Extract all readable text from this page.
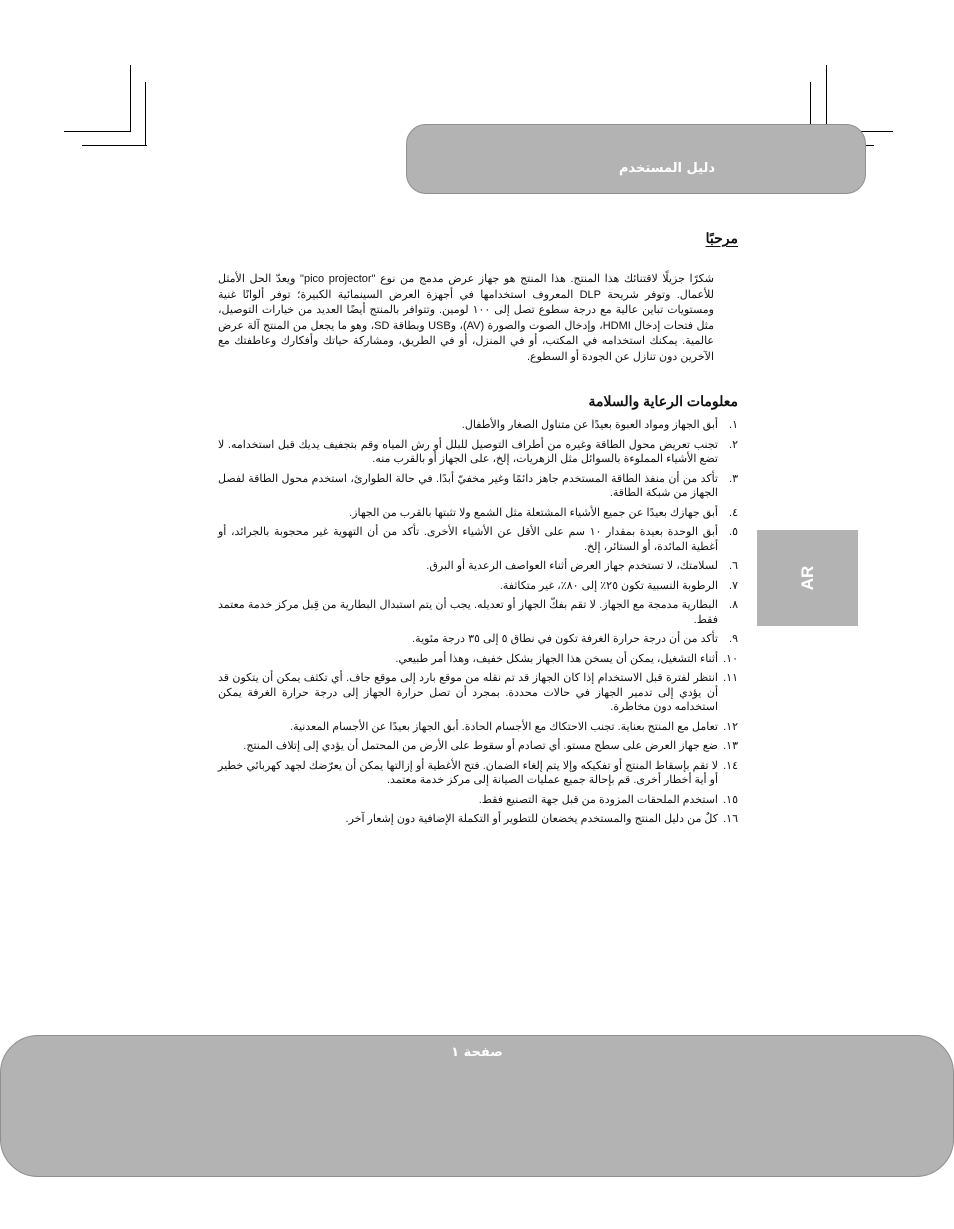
دليل المستخدم
AR
مرحبًا

شكرًا جزيلًا لاقتنائك هذا المنتج. هذا المنتج هو جهاز عرض مدمج من نوع "pico projector" ويعدّ الحل الأمثل للأعمال. وتوفر شريحة DLP المعروف استخدامها في أجهزة العرض السينمائية الكبيرة؛ توفر ألوانًا غنية ومستويات تباين عالية مع درجة سطوع تصل إلى ١٠٠ لومين. وتتوافر بالمنتج أيضًا العديد من خيارات التوصيل، مثل فتحات إدخال HDMI، وإدخال الصوت والصورة (AV)، وUSB وبطاقة SD، وهو ما يجعل من المنتج آلة عرض عالمية. يمكنك استخدامه في المكتب، أو في المنزل، أو في الطريق، ومشاركة حياتك وأفكارك وعاطفتك مع الآخرين دون تنازل عن الجودة أو السطوع.

معلومات الرعاية والسلامة
١.
أبق الجهاز ومواد العبوة بعيدًا عن متناول الصغار والأطفال.
٢.
تجنب تعريض محول الطاقة وغيره من أطراف التوصيل للبلل أو رش المياه وقم بتجفيف يديك قبل استخدامه. لا تضع الأشياء المملوءة بالسوائل مثل الزهريات، إلخ، على الجهاز أو بالقرب منه.
٣.
تأكد من أن منفذ الطاقة المستخدم جاهز دائمًا وغير مخفيّ أبدًا. في حالة الطوارئ، استخدم محول الطاقة لفصل الجهاز من شبكة الطاقة.
٤.
أبق جهازك بعيدًا عن جميع الأشياء المشتعلة مثل الشمع ولا تثبتها بالقرب من الجهاز.
٥.
أبق الوحدة بعيدة بمقدار ١٠ سم على الأقل عن الأشياء الأخرى. تأكد من أن التهوية غير محجوبة بالجرائد، أو أغطية المائدة، أو الستائر، إلخ.
٦.
لسلامتك، لا تستخدم جهاز العرض أثناء العواصف الرعدية أو البرق.
٧.
الرطوبة النسبية تكون ٢٥٪ إلى ٨٠٪، غير متكاثفة.
٨.
البطارية مدمجة مع الجهاز. لا تقم بفكّ الجهاز أو تعديله. يجب أن يتم استبدال البطارية من قِبل مركز خدمة معتمد فقط.
٩.
تأكد من أن درجة حرارة الغرفة تكون في نطاق ٥ إلى ٣٥ درجة مئوية.
١٠.
أثناء التشغيل، يمكن أن يسخن هذا الجهاز بشكل خفيف، وهذا أمر طبيعي.
١١.
انتظر لفترة قبل الاستخدام إذا كان الجهاز قد تم نقله من موقع بارد إلى موقع جاف. أي تكثف يمكن أن يتكون قد أن يؤدي إلى تدمير الجهاز في حالات محددة. بمجرد أن تصل حرارة الجهاز إلى درجة حرارة الغرفة يمكن استخدامه دون مخاطرة.
١٢.
تعامل مع المنتج بعناية. تجنب الاحتكاك مع الأجسام الحادة. أبق الجهاز بعيدًا عن الأجسام المعدنية.
١٣.
ضع جهاز العرض على سطح مستو. أي تصادم أو سقوط على الأرض من المحتمل أن يؤدي إلى إتلاف المنتج.
١٤.
لا تقم بإسقاط المنتج أو تفكيكه وإلا يتم إلغاء الضمان. فتح الأغطية أو إزالتها يمكن أن يعرّضك لجهد كهربائي خطير أو أية أخطار أخرى. قم بإحالة جميع عمليات الصيانة إلى مركز خدمة معتمد.
١٥.
استخدم الملحقات المزودة من قبل جهة التصنيع فقط.
١٦.
كلٌ من دليل المنتج والمستخدم يخضعان للتطوير أو التكملة الإضافية دون إشعار آخر.
صفحة ١
